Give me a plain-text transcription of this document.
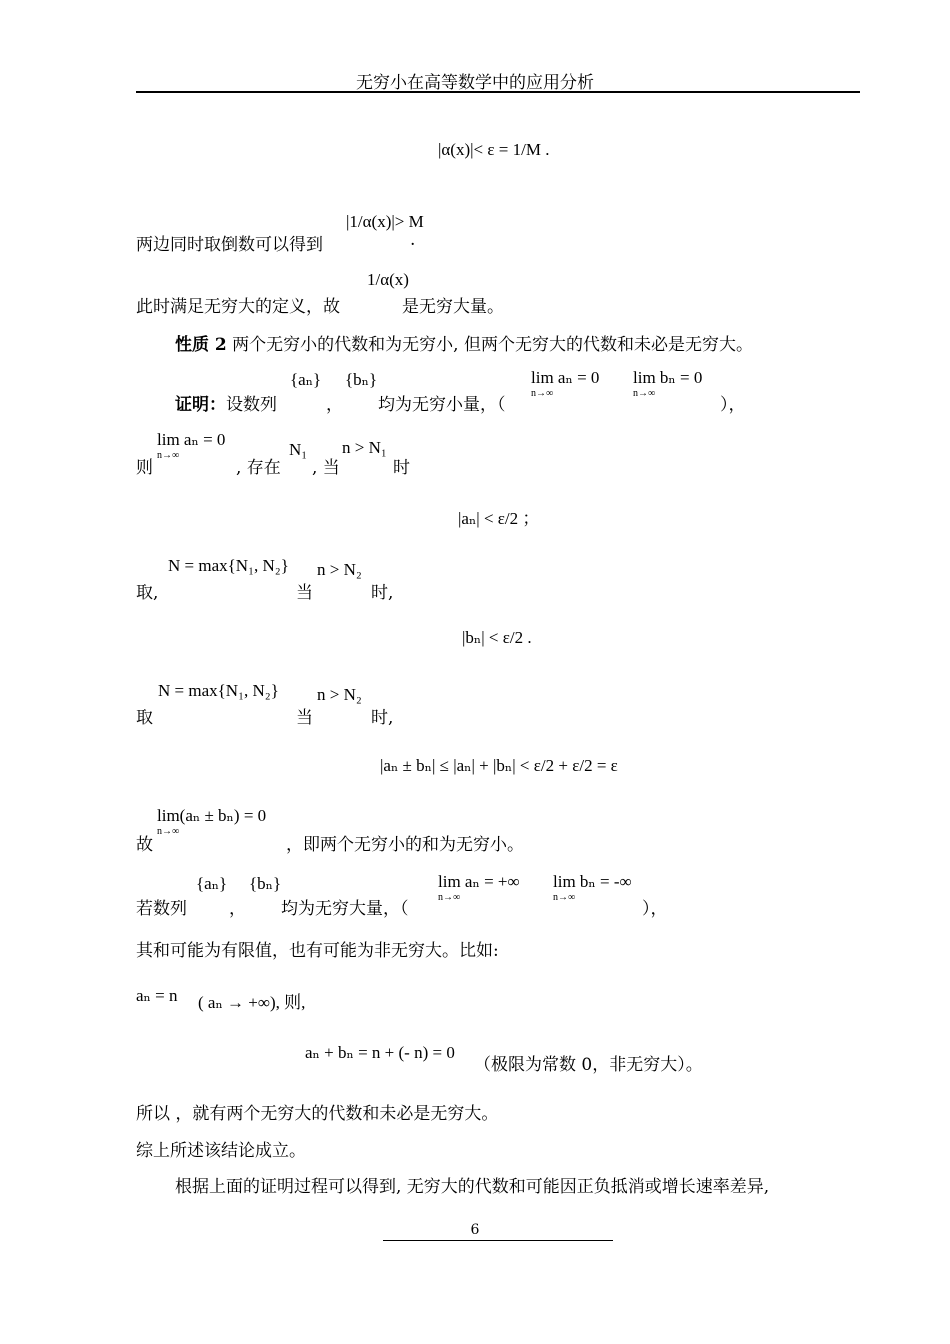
无穷小在高等数学中的应用分析
|α(x)|< ε = 1/M .
两边同时取倒数可以得到
|1/α(x)|> M
.
此时满足无穷大的定义，故
1/α(x)
是无穷大量。
性质 2 两个无穷小的代数和为无穷小, 但两个无穷大的代数和未必是无穷大。
证明：设数列
{aₙ}
，
{bₙ}
均为无穷小量，（
lim aₙ = 0
n→∞
lim bₙ = 0
n→∞
），
则
lim aₙ = 0
n→∞
, 存在
N₁
, 当
n > N₁
时
|aₙ| < ε/2 ；
取,
N = max{N₁, N₂}
当
n > N₂
时,
|bₙ| < ε/2 .
取
N = max{N₁, N₂}
当
n > N₂
时,
|aₙ ± bₙ| ≤ |aₙ| + |bₙ| < ε/2 + ε/2 = ε
故
lim(aₙ ± bₙ) = 0
n→∞
，即两个无穷小的和为无穷小。
若数列
{aₙ}
，
{bₙ}
均为无穷大量，（
lim aₙ = +∞
n→∞
lim bₙ = -∞
n→∞
），
其和可能为有限值，也有可能为非无穷大。比如:
aₙ = n ( aₙ → +∞), 则,
aₙ + bₙ = n + (- n) = 0
（极限为常数 0，非无穷大）。
所以 ，就有两个无穷大的代数和未必是无穷大。
综上所述该结论成立。
根据上面的证明过程可以得到, 无穷大的代数和可能因正负抵消或增长速率差异,
6
